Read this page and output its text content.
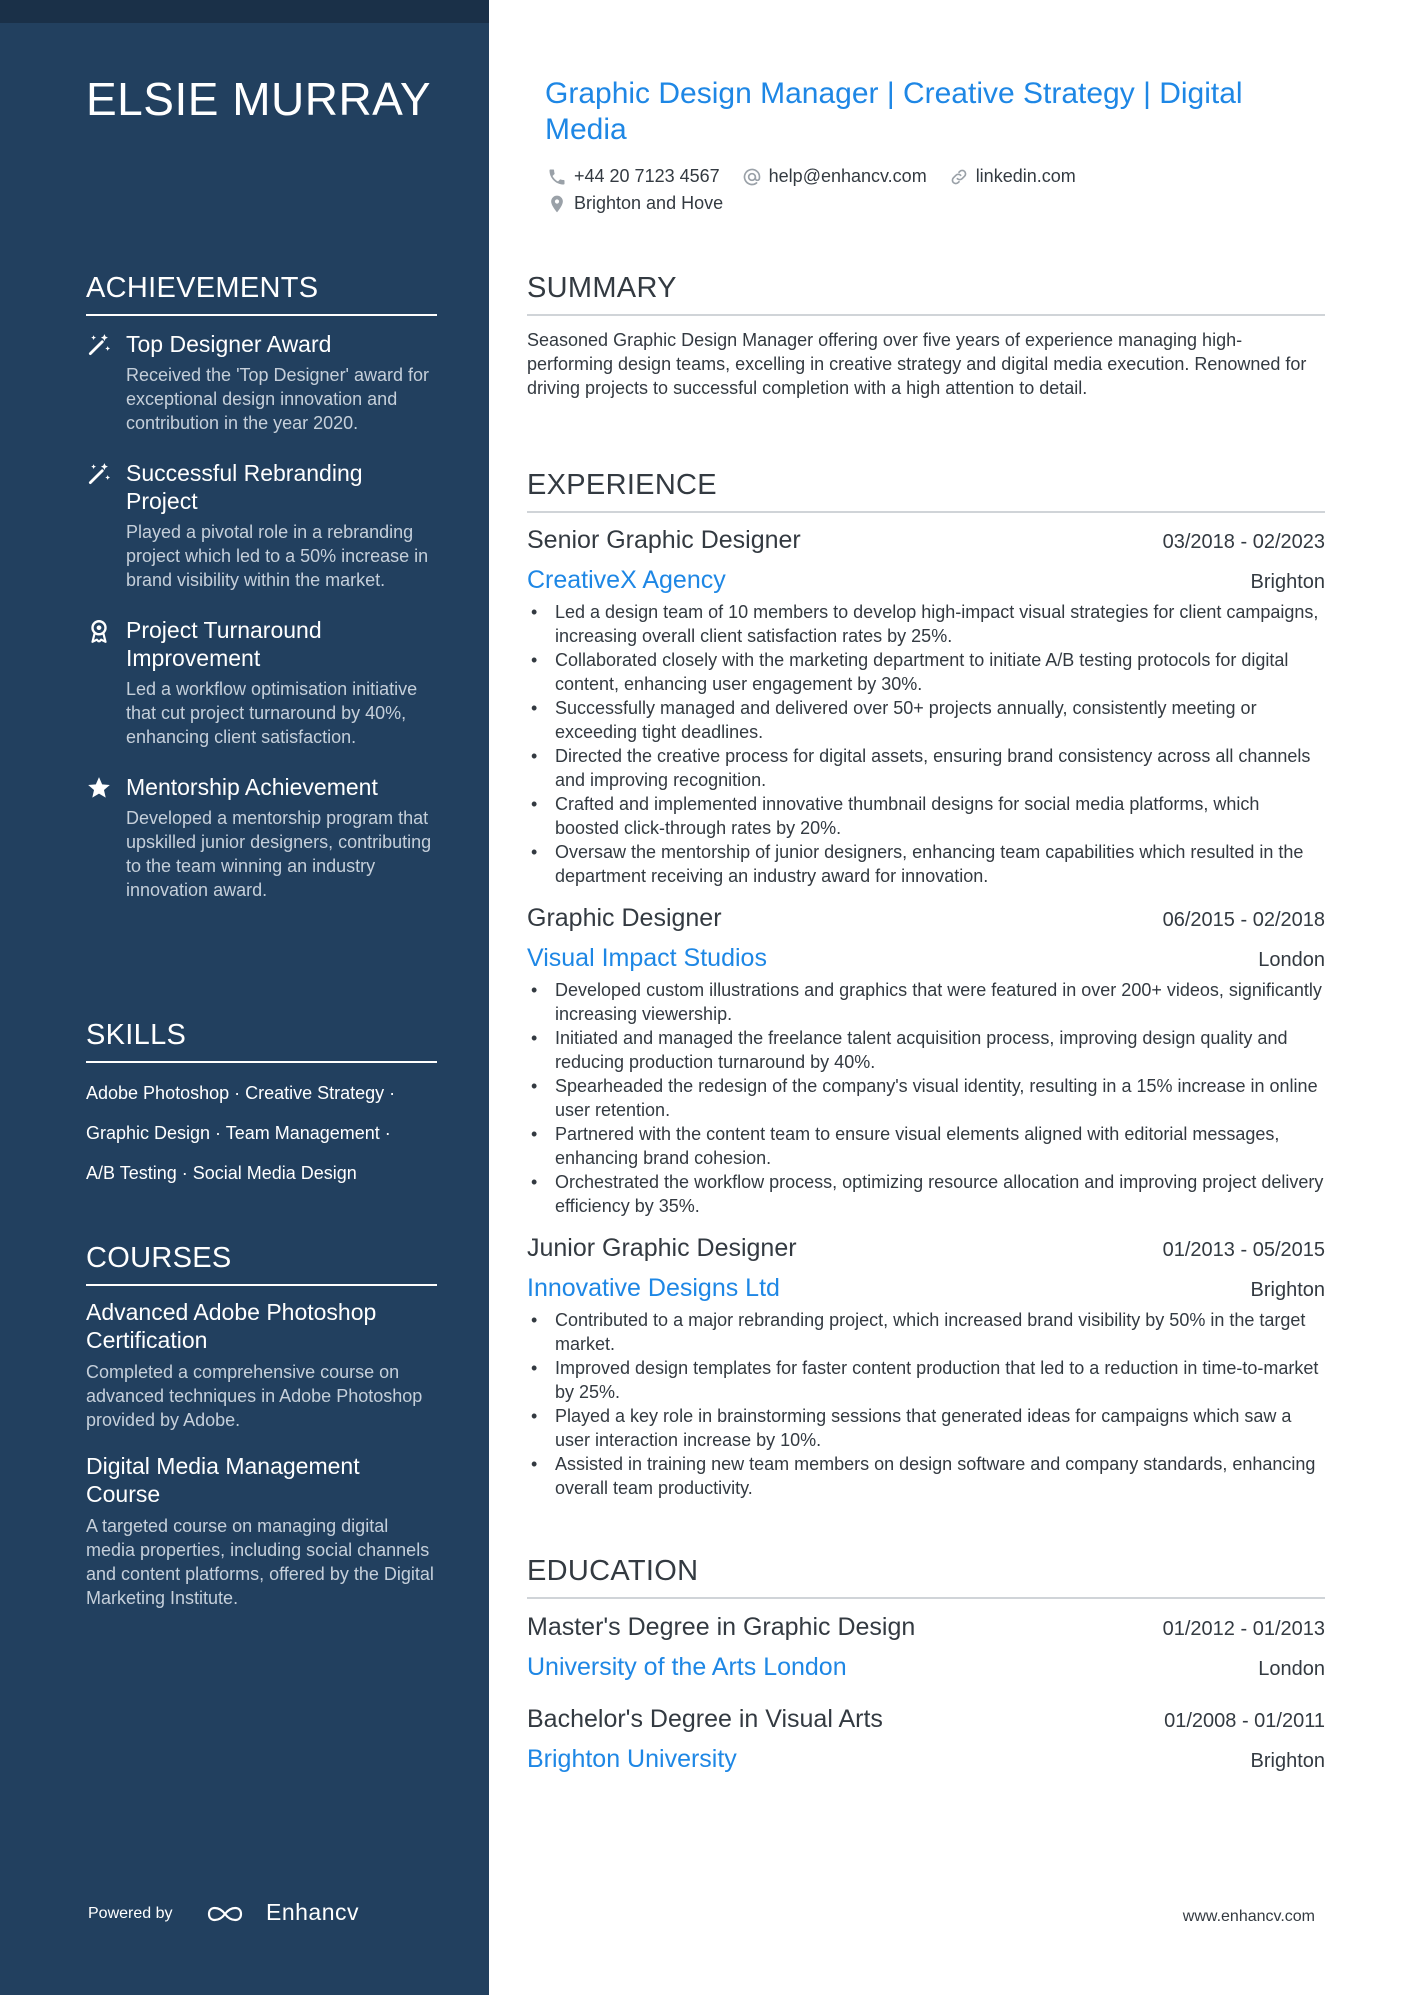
ELSIE MURRAY
ACHIEVEMENTS
Top Designer Award
Received the 'Top Designer' award for exceptional design innovation and contribution in the year 2020.
Successful Rebranding Project
Played a pivotal role in a rebranding project which led to a 50% increase in brand visibility within the market.
Project Turnaround Improvement
Led a workflow optimisation initiative that cut project turnaround by 40%, enhancing client satisfaction.
Mentorship Achievement
Developed a mentorship program that upskilled junior designers, contributing to the team winning an industry innovation award.
SKILLS
Adobe Photoshop · Creative Strategy ·
Graphic Design · Team Management ·
A/B Testing · Social Media Design
COURSES
Advanced Adobe Photoshop Certification
Completed a comprehensive course on advanced techniques in Adobe Photoshop provided by Adobe.
Digital Media Management Course
A targeted course on managing digital media properties, including social channels and content platforms, offered by the Digital Marketing Institute.
Powered by	Enhancv
Graphic Design Manager | Creative Strategy | Digital Media
+44 20 7123 4567	help@enhancv.com	linkedin.com
Brighton and Hove
SUMMARY
Seasoned Graphic Design Manager offering over five years of experience managing high-performing design teams, excelling in creative strategy and digital media execution. Renowned for driving projects to successful completion with a high attention to detail.
EXPERIENCE
Senior Graphic Designer	03/2018 - 02/2023
CreativeX Agency	Brighton
• Led a design team of 10 members to develop high-impact visual strategies for client campaigns, increasing overall client satisfaction rates by 25%.
• Collaborated closely with the marketing department to initiate A/B testing protocols for digital content, enhancing user engagement by 30%.
• Successfully managed and delivered over 50+ projects annually, consistently meeting or exceeding tight deadlines.
• Directed the creative process for digital assets, ensuring brand consistency across all channels and improving recognition.
• Crafted and implemented innovative thumbnail designs for social media platforms, which boosted click-through rates by 20%.
• Oversaw the mentorship of junior designers, enhancing team capabilities which resulted in the department receiving an industry award for innovation.
Graphic Designer	06/2015 - 02/2018
Visual Impact Studios	London
• Developed custom illustrations and graphics that were featured in over 200+ videos, significantly increasing viewership.
• Initiated and managed the freelance talent acquisition process, improving design quality and reducing production turnaround by 40%.
• Spearheaded the redesign of the company's visual identity, resulting in a 15% increase in online user retention.
• Partnered with the content team to ensure visual elements aligned with editorial messages, enhancing brand cohesion.
• Orchestrated the workflow process, optimizing resource allocation and improving project delivery efficiency by 35%.
Junior Graphic Designer	01/2013 - 05/2015
Innovative Designs Ltd	Brighton
• Contributed to a major rebranding project, which increased brand visibility by 50% in the target market.
• Improved design templates for faster content production that led to a reduction in time-to-market by 25%.
• Played a key role in brainstorming sessions that generated ideas for campaigns which saw a user interaction increase by 10%.
• Assisted in training new team members on design software and company standards, enhancing overall team productivity.
EDUCATION
Master's Degree in Graphic Design	01/2012 - 01/2013
University of the Arts London	London
Bachelor's Degree in Visual Arts	01/2008 - 01/2011
Brighton University	Brighton
www.enhancv.com
